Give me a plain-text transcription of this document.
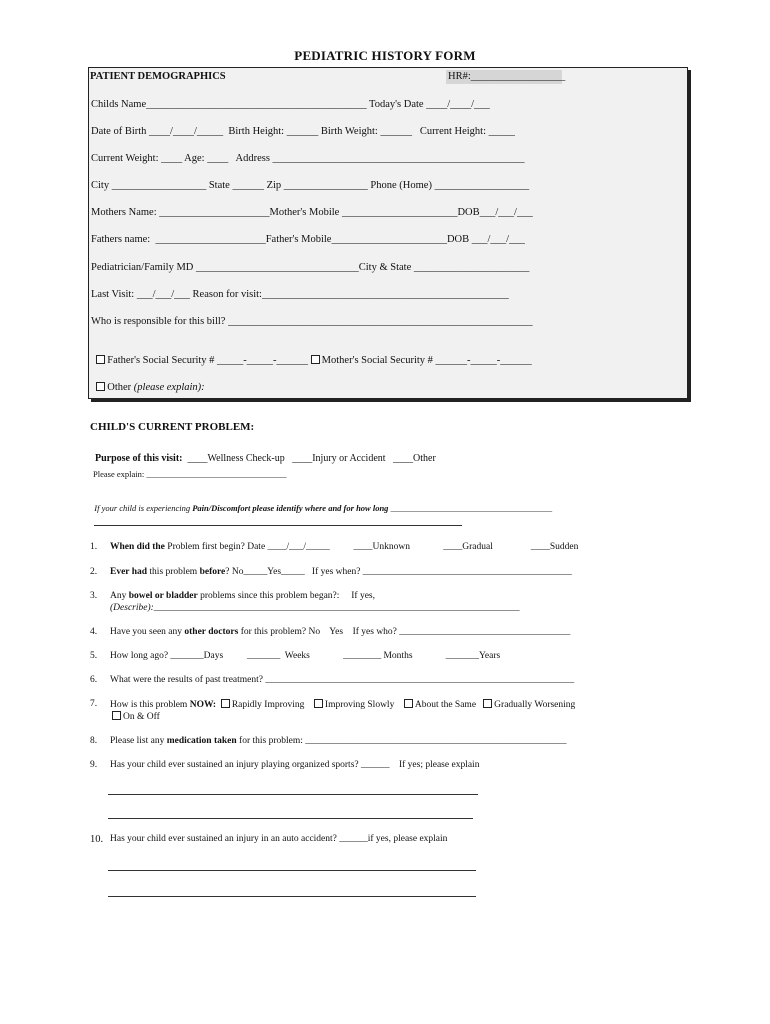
PEDIATRIC HISTORY FORM
PATIENT DEMOGRAPHICS	HR#:__________________
Childs Name__________________________________________ Today's Date ____/____/___
Date of Birth ____/____/_____  Birth Height: ______ Birth Weight: ______   Current Height: _____
Current Weight: ____ Age: ____   Address ________________________________________________
City __________________ State ______ Zip ________________ Phone (Home) __________________
Mothers Name: _____________________Mother's Mobile ______________________DOB___/___/___
Fathers name:  _____________________Father's Mobile______________________DOB ___/___/___
Pediatrician/Family MD _______________________________City & State ______________________
Last Visit: ___/___/___ Reason for visit:_______________________________________________
Who is responsible for this bill? __________________________________________________________

Father's Social Security # _____-_____-______ Mother's Social Security # ______-_____-______

Other (please explain):

CHILD'S CURRENT PROBLEM:

Purpose of this visit:  ____Wellness Check-up   ____Injury or Accident   ____Other

Please explain: _________________________________

If your child is experiencing Pain/Discomfort please identify where and for how long ______________________________________

1. When did the Problem first begin? Date ____/___/_____          ____Unknown              ____Gradual                ____Sudden
2. Ever had this problem before? No_____Yes_____   If yes when? ____________________________________________
3. Any bowel or bladder problems since this problem began?:     If yes,
(Describe):_____________________________________________________________________________
4. Have you seen any other doctors for this problem? No    Yes    If yes who? ____________________________________
5. How long ago? _______Days          _______  Weeks              ________ Months              _______Years
6. What were the results of past treatment? _________________________________________________________________
7. How is this problem NOW: Rapidly Improving Improving Slowly About the Same Gradually Worsening
On & Off
8. Please list any medication taken for this problem: _______________________________________________________
9. Has your child ever sustained an injury playing organized sports? ______    If yes; please explain
10. Has your child ever sustained an injury in an auto accident? ______if yes, please explain
